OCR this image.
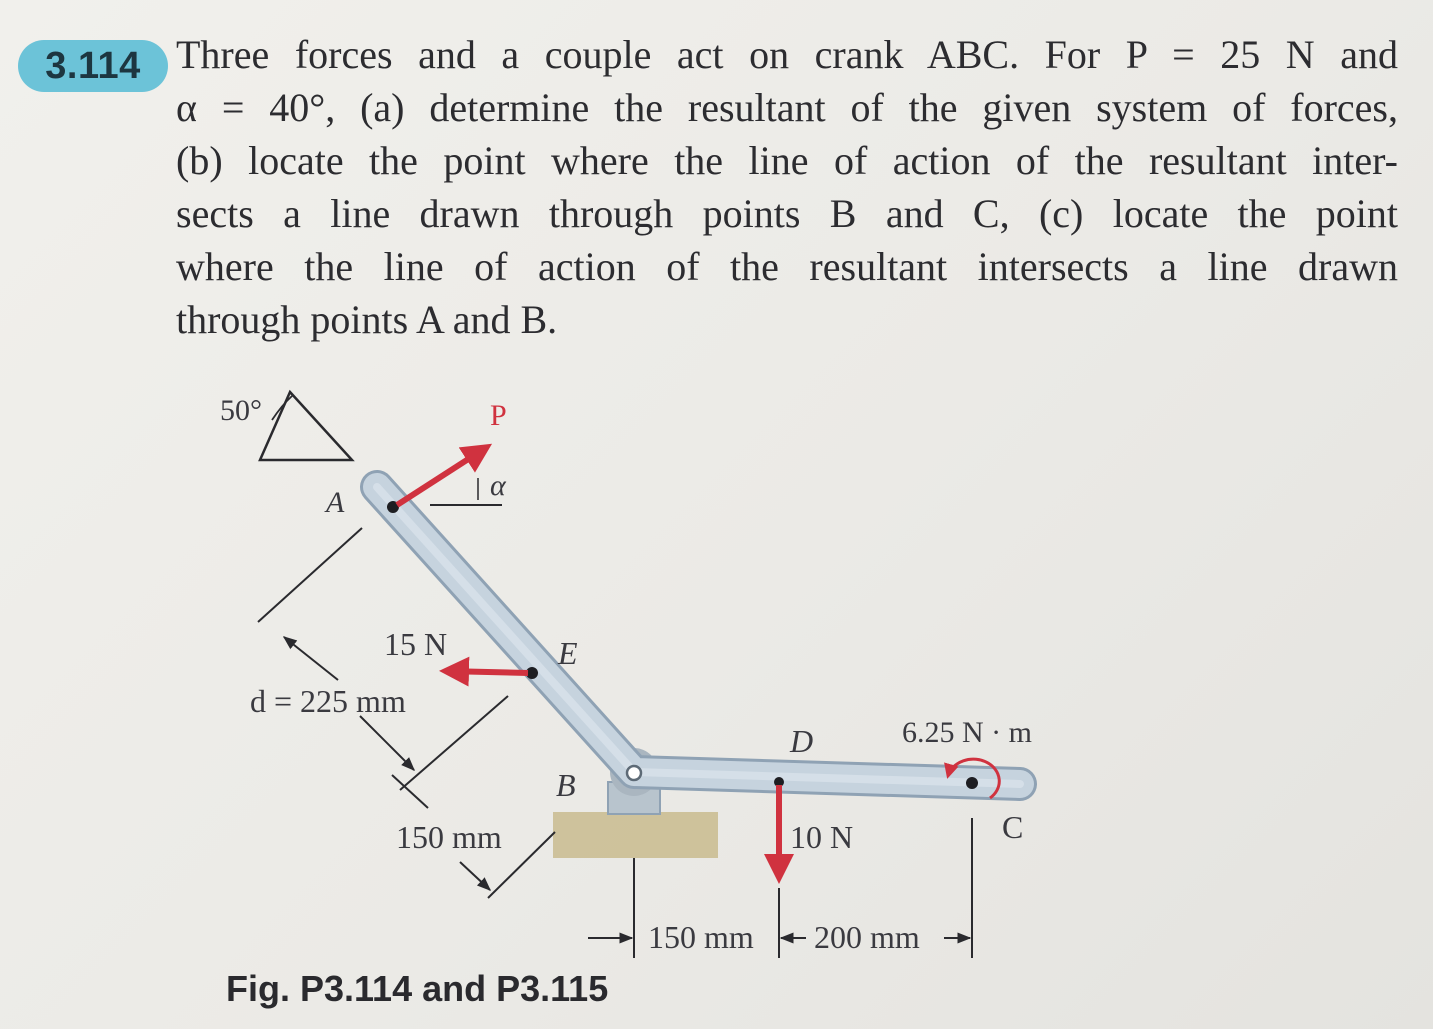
3.114 Three forces and a couple act on crank ABC. For P = 25 N and
α = 40°, (a) determine the resultant of the given system of forces,
(b) locate the point where the line of action of the resultant inter-
sects a line drawn through points B and C, (c) locate the point
where the line of action of the resultant intersects a line drawn
through points A and B.

50°	P
α
15 N
10 N
6.25 N · m
A
E
B
D
C
d = 225 mm
150 mm
150 mm 200 mm

Fig. P3.114 and P3.115
